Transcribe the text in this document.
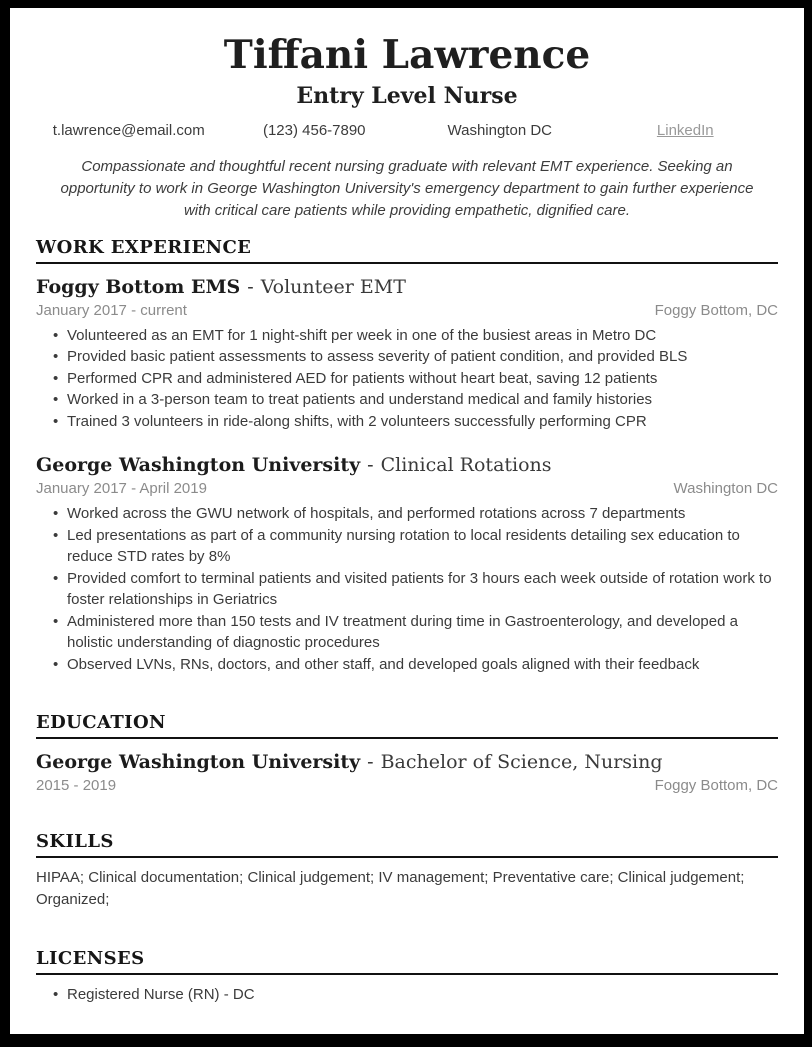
Tiffani Lawrence
Entry Level Nurse
t.lawrence@email.com	(123) 456-7890	Washington DC	LinkedIn

Compassionate and thoughtful recent nursing graduate with relevant EMT experience. Seeking an opportunity to work in George Washington University's emergency department to gain further experience with critical care patients while providing empathetic, dignified care.

WORK EXPERIENCE
Foggy Bottom EMS - Volunteer EMT
January 2017 - current	Foggy Bottom, DC
• Volunteered as an EMT for 1 night-shift per week in one of the busiest areas in Metro DC
• Provided basic patient assessments to assess severity of patient condition, and provided BLS
• Performed CPR and administered AED for patients without heart beat, saving 12 patients
• Worked in a 3-person team to treat patients and understand medical and family histories
• Trained 3 volunteers in ride-along shifts, with 2 volunteers successfully performing CPR
George Washington University - Clinical Rotations
January 2017 - April 2019	Washington DC
• Worked across the GWU network of hospitals, and performed rotations across 7 departments
• Led presentations as part of a community nursing rotation to local residents detailing sex education to reduce STD rates by 8%
• Provided comfort to terminal patients and visited patients for 3 hours each week outside of rotation work to foster relationships in Geriatrics
• Administered more than 150 tests and IV treatment during time in Gastroenterology, and developed a holistic understanding of diagnostic procedures
• Observed LVNs, RNs, doctors, and other staff, and developed goals aligned with their feedback
EDUCATION
George Washington University - Bachelor of Science, Nursing
2015 - 2019	Foggy Bottom, DC
SKILLS

HIPAA; Clinical documentation; Clinical judgement; IV management; Preventative care; Clinical judgement; Organized;

LICENSES
• Registered Nurse (RN) - DC
